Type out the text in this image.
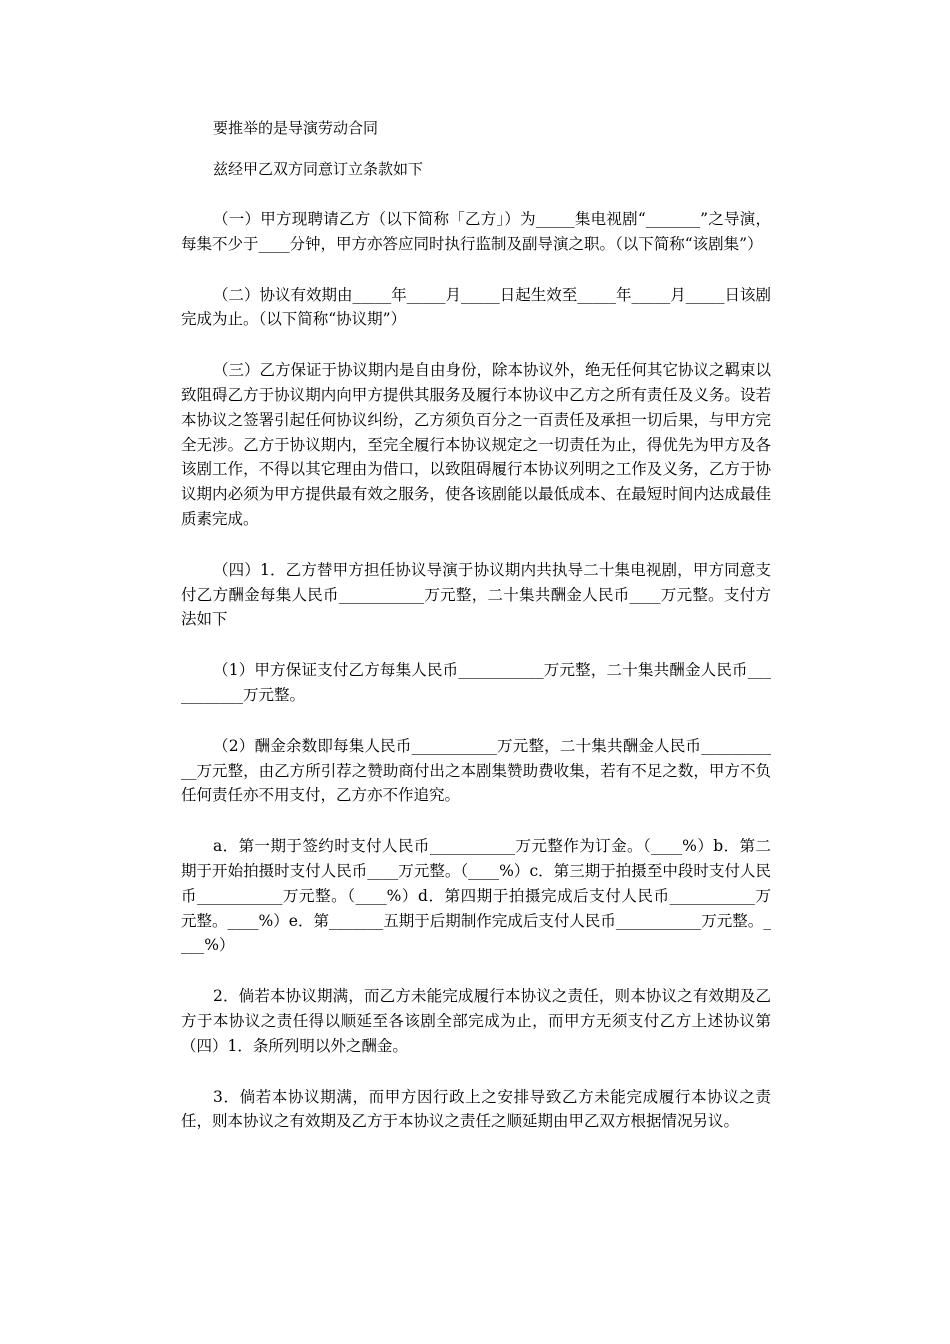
要推举的是导演劳动合同

兹经甲乙双方同意订立条款如下

（一）甲方现聘请乙方（以下简称「乙方」）为_____集电视剧“_______”之导演，每集不少于____分钟，甲方亦答应同时执行监制及副导演之职。（以下简称“该剧集”）

（二）协议有效期由_____年_____月_____日起生效至_____年_____月_____日该剧完成为止。（以下简称“协议期”）

（三）乙方保证于协议期内是自由身份，除本协议外，绝无任何其它协议之羁束以致阻碍乙方于协议期内向甲方提供其服务及履行本协议中乙方之所有责任及义务。设若本协议之签署引起任何协议纠纷，乙方须负百分之一百责任及承担一切后果，与甲方完全无涉。乙方于协议期内，至完全履行本协议规定之一切责任为止，得优先为甲方及各该剧工作，不得以其它理由为借口，以致阻碍履行本协议列明之工作及义务，乙方于协议期内必须为甲方提供最有效之服务，使各该剧能以最低成本、在最短时间内达成最佳质素完成。

（四）1．乙方替甲方担任协议导演于协议期内共执导二十集电视剧，甲方同意支付乙方酬金每集人民币___________万元整，二十集共酬金人民币____万元整。支付方法如下

（1）甲方保证支付乙方每集人民币___________万元整，二十集共酬金人民币___________万元整。

（2）酬金余数即每集人民币___________万元整，二十集共酬金人民币___________万元整，由乙方所引荐之赞助商付出之本剧集赞助费收集，若有不足之数，甲方不负任何责任亦不用支付，乙方亦不作追究。

a．第一期于签约时支付人民币___________万元整作为订金。（____%）b．第二期于开始拍摄时支付人民币____万元整。（____%）c．第三期于拍摄至中段时支付人民币___________万元整。（____%）d．第四期于拍摄完成后支付人民币___________万元整。____%）e．第_______五期于后期制作完成后支付人民币___________万元整。____%）

2．倘若本协议期满，而乙方未能完成履行本协议之责任，则本协议之有效期及乙方于本协议之责任得以顺延至各该剧全部完成为止，而甲方无须支付乙方上述协议第（四）1．条所列明以外之酬金。

3．倘若本协议期满，而甲方因行政上之安排导致乙方未能完成履行本协议之责任，则本协议之有效期及乙方于本协议之责任之顺延期由甲乙双方根据情况另议。
